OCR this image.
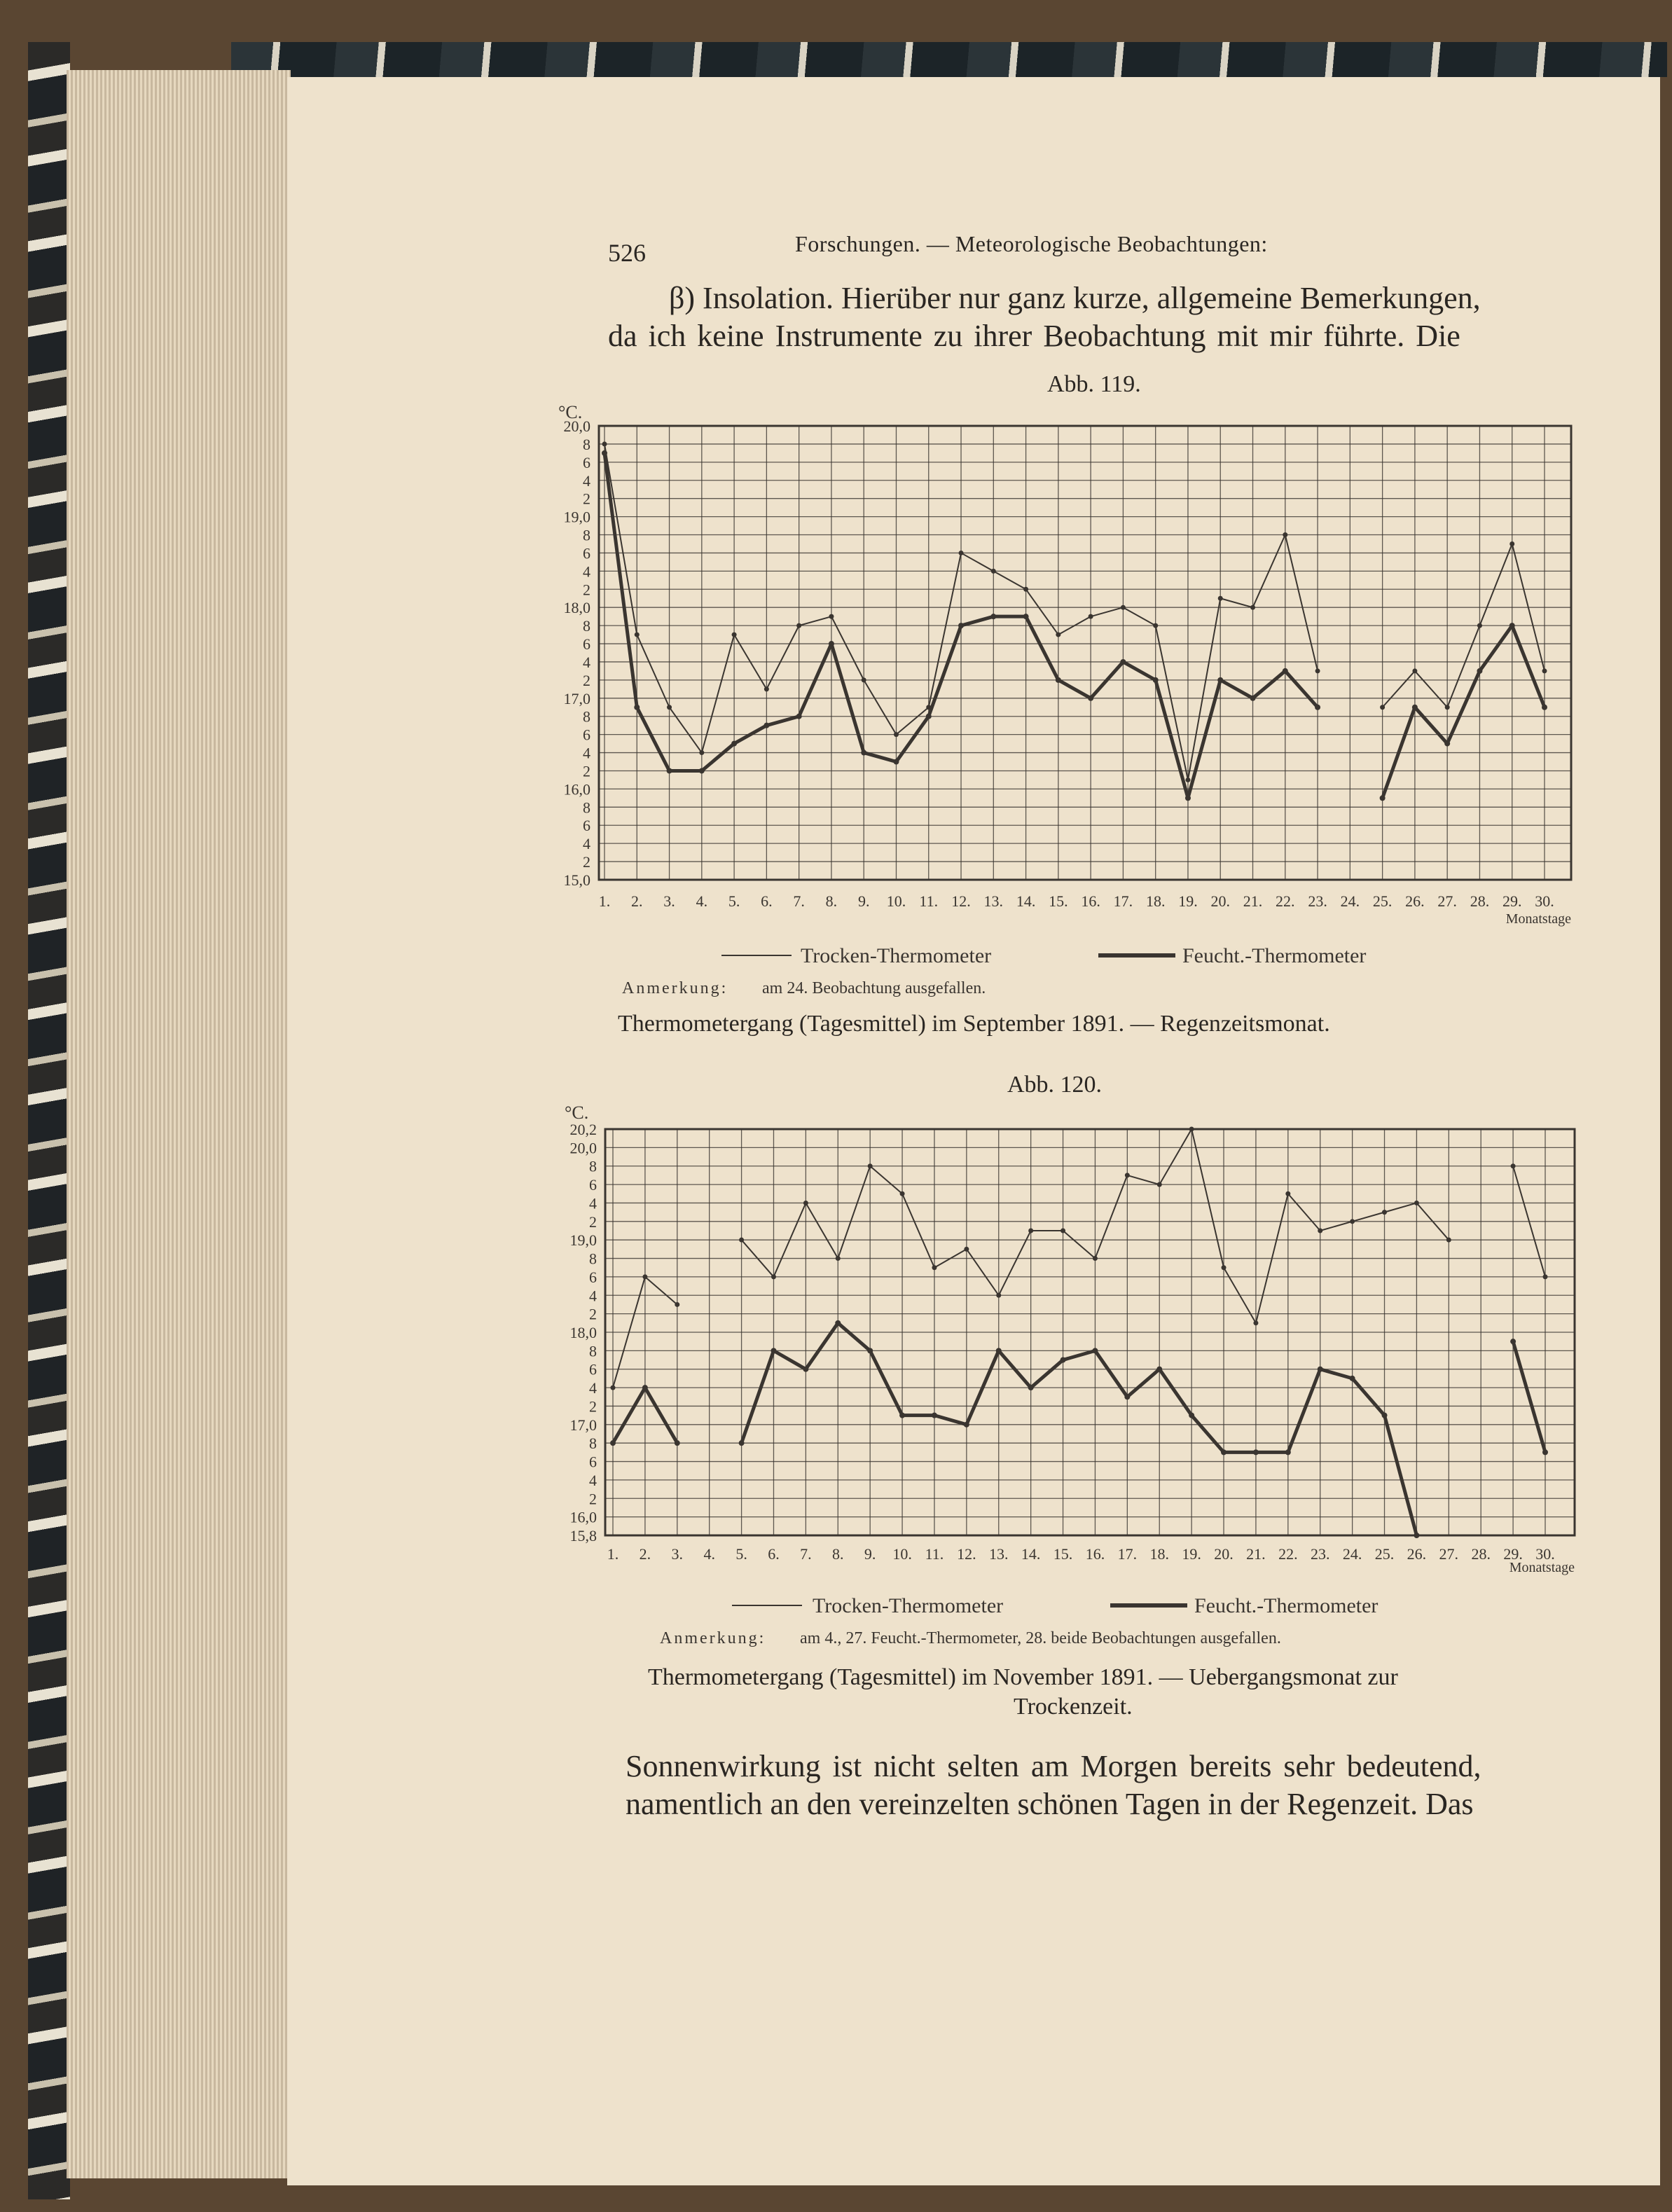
526	Forschungen. — Meteorologische Beobachtungen:
β) Insolation. Hierüber nur ganz kurze, allgemeine Bemerkungen,
da ich keine Instrumente zu ihrer Beobachtung mit mir führte. Die
Abb. 119.
Abb. 120.
Thermometergang (Tagesmittel) im September 1891. — Regenzeitsmonat.
Thermometergang (Tagesmittel) im November 1891. — Uebergangsmonat zur
Trockenzeit.
Sonnenwirkung ist nicht selten am Morgen bereits sehr bedeutend,
namentlich an den vereinzelten schönen Tagen in der Regenzeit. Das
15,0
2
4
6
8
16,0
2
4
6
8
17,0
2
4
6
8
18,0
2
4
6
8
19,0
2
4
6
8
20,0
1. 2. 3. 4. 5. 6. 7. 8. 9. 10. 11. 12. 13. 14. 15. 16. 17. 18. 19. 20. 21. 22. 23. 24. 25. 26. 27. 28. 29. 30.
°C.
Monatstage
Trocken-Thermometer	Feucht.-Thermometer
Anmerkung: am 24. Beobachtung ausgefallen.
15,8
16,0
2
4
6
8
17,0
2
4
6
8
18,0
2
4
6
8
19,0
2
4
6
8
20,0
20,2
1. 2. 3. 4. 5. 6. 7. 8. 9. 10. 11. 12. 13. 14. 15. 16. 17. 18. 19. 20. 21. 22. 23. 24. 25. 26. 27. 28. 29. 30.
°C.
Monatstage
Trocken-Thermometer	Feucht.-Thermometer
Anmerkung: am 4., 27. Feucht.-Thermometer, 28. beide Beobachtungen ausgefallen.
